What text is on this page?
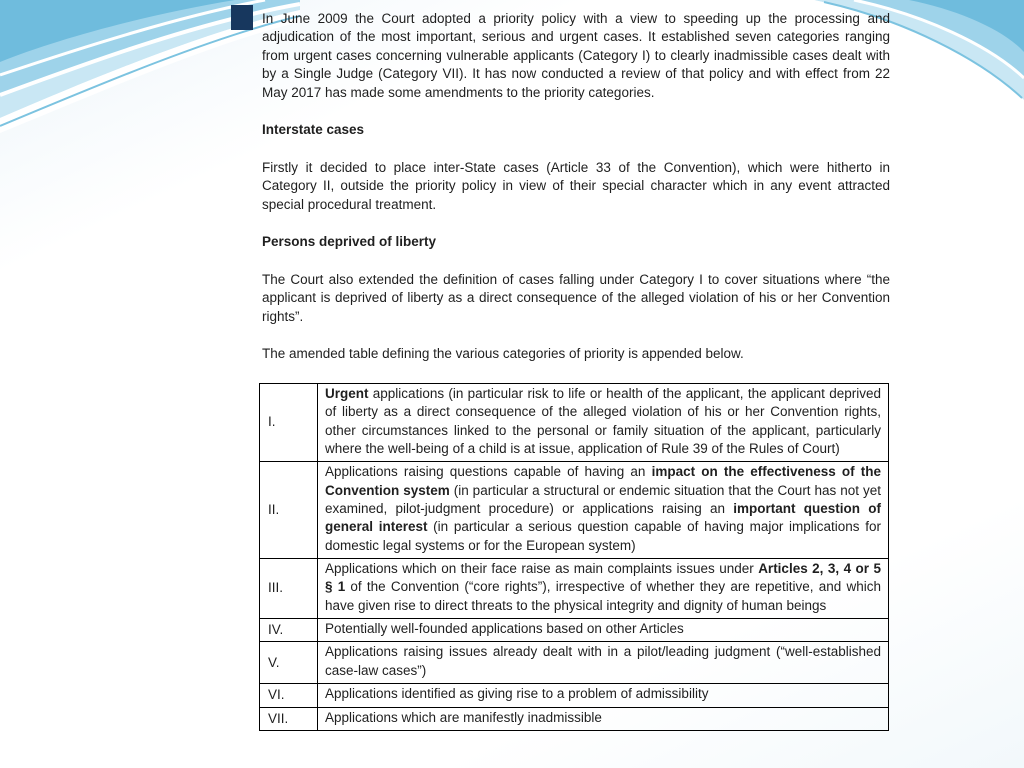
In June 2009 the Court adopted a priority policy with a view to speeding up the processing and adjudication of the most important, serious and urgent cases. It established seven categories ranging from urgent cases concerning vulnerable applicants (Category I) to clearly inadmissible cases dealt with by a Single Judge (Category VII). It has now conducted a review of that policy and with effect from 22 May 2017 has made some amendments to the priority categories.

Interstate cases

Firstly it decided to place inter-State cases (Article 33 of the Convention), which were hitherto in Category II, outside the priority policy in view of their special character which in any event attracted special procedural treatment.

Persons deprived of liberty

The Court also extended the definition of cases falling under Category I to cover situations where “the applicant is deprived of liberty as a direct consequence of the alleged violation of his or her Convention rights”.

The amended table defining the various categories of priority is appended below.

I.	Urgent applications (in particular risk to life or health of the applicant, the applicant deprived of liberty as a direct consequence of the alleged violation of his or her Convention rights, other circumstances linked to the personal or family situation of the applicant, particularly where the well-being of a child is at issue, application of Rule 39 of the Rules of Court)
II.	Applications raising questions capable of having an impact on the effectiveness of the Convention system (in particular a structural or endemic situation that the Court has not yet examined, pilot-judgment procedure) or applications raising an important question of general interest (in particular a serious question capable of having major implications for domestic legal systems or for the European system)
III.	Applications which on their face raise as main complaints issues under Articles 2, 3, 4 or 5 § 1 of the Convention (“core rights”), irrespective of whether they are repetitive, and which have given rise to direct threats to the physical integrity and dignity of human beings
IV.	Potentially well-founded applications based on other Articles
V.	Applications raising issues already dealt with in a pilot/leading judgment (“well-established case-law cases”)
VI.	Applications identified as giving rise to a problem of admissibility
VII.	Applications which are manifestly inadmissible
